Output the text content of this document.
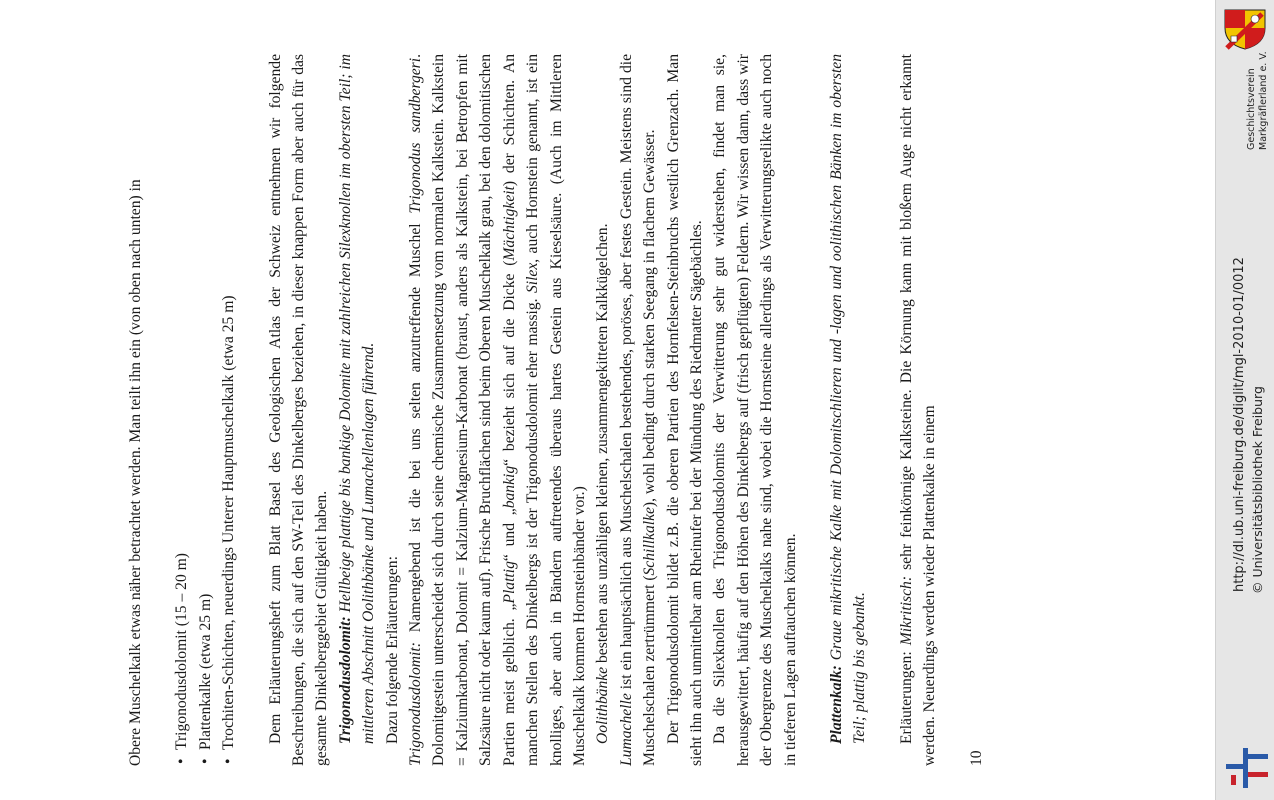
Obere Muschelkalk etwas näher betrachtet werden. Man teilt ihn ein (von oben nach unten) in • Trigonodusdolomit (15 – 20 m) • Plattenkalke (etwa 25 m) • Trochiten-Schichten, neuerdings Unterer Hauptmuschelkalk (etwa 25 m) Dem Erläuterungsheft zum Blatt Basel des Geologischen Atlas der Schweiz entnehmen wir folgende Beschreibungen, die sich auf den SW-Teil des Dinkelberges beziehen, in dieser knappen Form aber auch für das gesamte Dinkelberggebiet Gültigkeit haben. Trigonodusdolomit: Hellbeige plattige bis bankige Dolomite mit zahlreichen Silexknollen im obersten Teil; im mittleren Abschnitt Oolithbänke und Lumachellenlagen führend. Dazu folgende Erläuterungen: Trigonodusdolomit: Namengebend ist die bei uns selten anzutreffende Muschel Trigonodus sandbergeri. Dolomitgestein unterscheidet sich durch seine chemische Zusammensetzung vom normalen Kalkstein. Kalkstein = Kalziumkarbonat, Dolomit = Kalzium-Magnesium-Karbonat (braust, anders als Kalkstein, bei Betropfen mit Salzsäure nicht oder kaum auf). Frische Bruchflächen sind beim Oberen Muschelkalk grau, bei den dolomitischen Partien meist gelblich. „Plattig“ und „bankig“ bezieht sich auf die Dicke (Mächtigkeit) der Schichten. An manchen Stellen des Dinkelbergs ist der Trigonodusdolomit eher massig. Silex, auch Hornstein genannt, ist ein knolliges, aber auch in Bändern auftretendes überaus hartes Gestein aus Kieselsäure. (Auch im Mittleren Muschelkalk kommen Hornsteinbänder vor.) Oolithbänke bestehen aus unzähligen kleinen, zusammengekitteten Kalkkügelchen.

Lumachelle ist ein hauptsächlich aus Muschelschalen bestehendes, poröses, aber festes Gestein. Meistens sind die Muschelschalen zertrümmert (Schillkalke), wohl bedingt durch starken Seegang in flachem Gewässer. Der Trigonodusdolomit bildet z.B. die oberen Partien des Hornfelsen-Steinbruchs westlich Grenzach. Man sieht ihn auch unmittelbar am Rheinufer bei der Mündung des Riedmatter Sägebächles. Da die Silexknollen des Trigonodusdolomits der Verwitterung sehr gut widerstehen, findet man sie, herausgewittert, häufig auf den Höhen des Dinkelbergs auf (frisch gepflügten) Feldern. Wir wissen dann, dass wir der Obergrenze des Muschelkalks nahe sind, wobei die Hornsteine allerdings als Verwitterungsrelikte auch noch in tieferen Lagen auftauchen können. Plattenkalk: Graue mikritische Kalke mit Dolomitschlieren und -lagen und oolithischen Bänken im obersten Teil; plattig bis gebankt. Erläuterungen: Mikritisch: sehr feinkörnige Kalksteine. Die Körnung kann mit bloßem Auge nicht erkannt werden. Neuerdings werden wieder Plattenkalke in einem 10

Geschichtsverein Markgräflerland e. V.
http://dl.ub.uni-freiburg.de/diglit/mgl-2010-01/0012 © Universitätsbibliothek Freiburg
